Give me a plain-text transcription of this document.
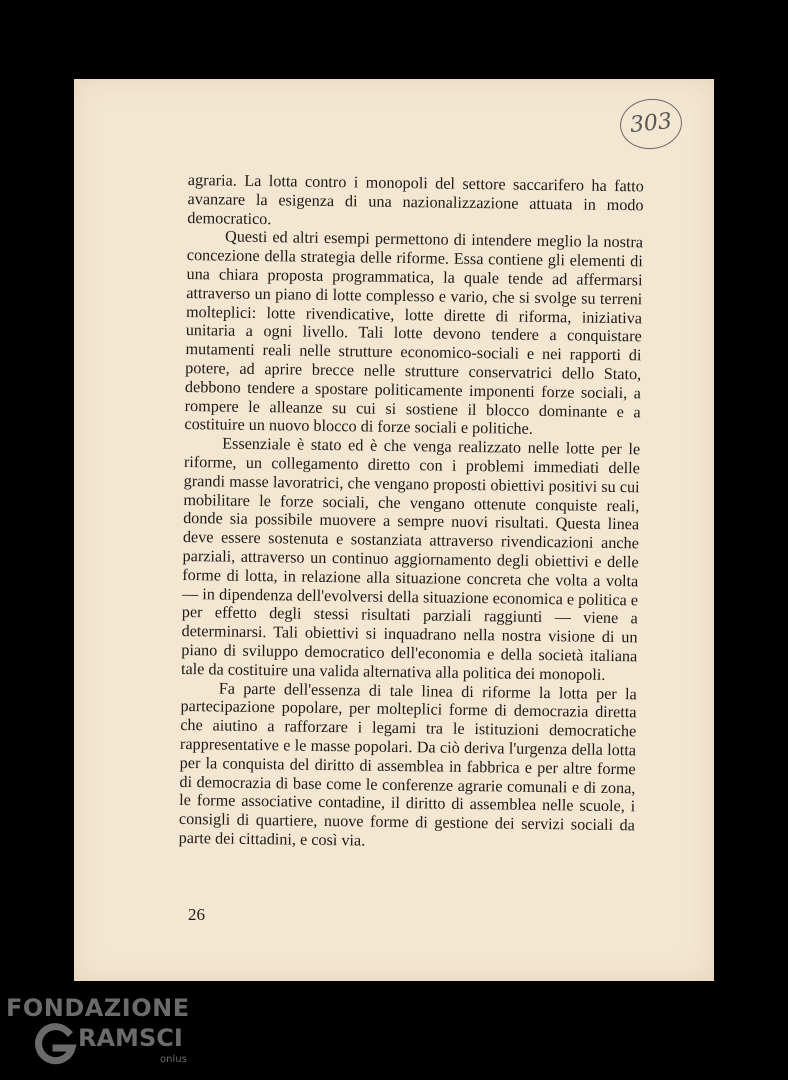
303

agraria. La lotta contro i monopoli del settore saccarifero ha fatto avanzare la esigenza di una nazionalizzazione attuata in modo democratico.

Questi ed altri esempi permettono di intendere meglio la nostra concezione della strategia delle riforme. Essa contiene gli elementi di una chiara proposta programmatica, la quale tende ad affermarsi attraverso un piano di lotte complesso e vario, che si svolge su terreni molteplici: lotte rivendicative, lotte dirette di riforma, iniziativa unitaria a ogni livello. Tali lotte devono tendere a conquistare mutamenti reali nelle strutture economico-sociali e nei rapporti di potere, ad aprire brecce nelle strutture conservatrici dello Stato, debbono tendere a spostare politicamente imponenti forze sociali, a rompere le alleanze su cui si sostiene il blocco dominante e a costituire un nuovo blocco di forze sociali e politiche.

Essenziale è stato ed è che venga realizzato nelle lotte per le riforme, un collegamento diretto con i problemi immediati delle grandi masse lavoratrici, che vengano proposti obiettivi positivi su cui mobilitare le forze sociali, che vengano ottenute conquiste reali, donde sia possibile muovere a sempre nuovi risultati. Questa linea deve essere sostenuta e sostanziata attraverso rivendicazioni anche parziali, attraverso un continuo aggiornamento degli obiettivi e delle forme di lotta, in relazione alla situazione concreta che volta a volta — in dipendenza dell'evolversi della situazione economica e politica e per effetto degli stessi risultati parziali raggiunti — viene a determinarsi. Tali obiettivi si inquadrano nella nostra visione di un piano di sviluppo democratico dell'economia e della società italiana tale da costituire una valida alternativa alla politica dei monopoli.

Fa parte dell'essenza di tale linea di riforme la lotta per la partecipazione popolare, per molteplici forme di democrazia diretta che aiutino a rafforzare i legami tra le istituzioni democratiche rappresentative e le masse popolari. Da ciò deriva l'urgenza della lotta per la conquista del diritto di assemblea in fabbrica e per altre forme di democrazia di base come le conferenze agrarie comunali e di zona, le forme associative contadine, il diritto di assemblea nelle scuole, i consigli di quartiere, nuove forme di gestione dei servizi sociali da parte dei cittadini, e così via.

26
FONDAZIONE
RAMSCI
onlus
